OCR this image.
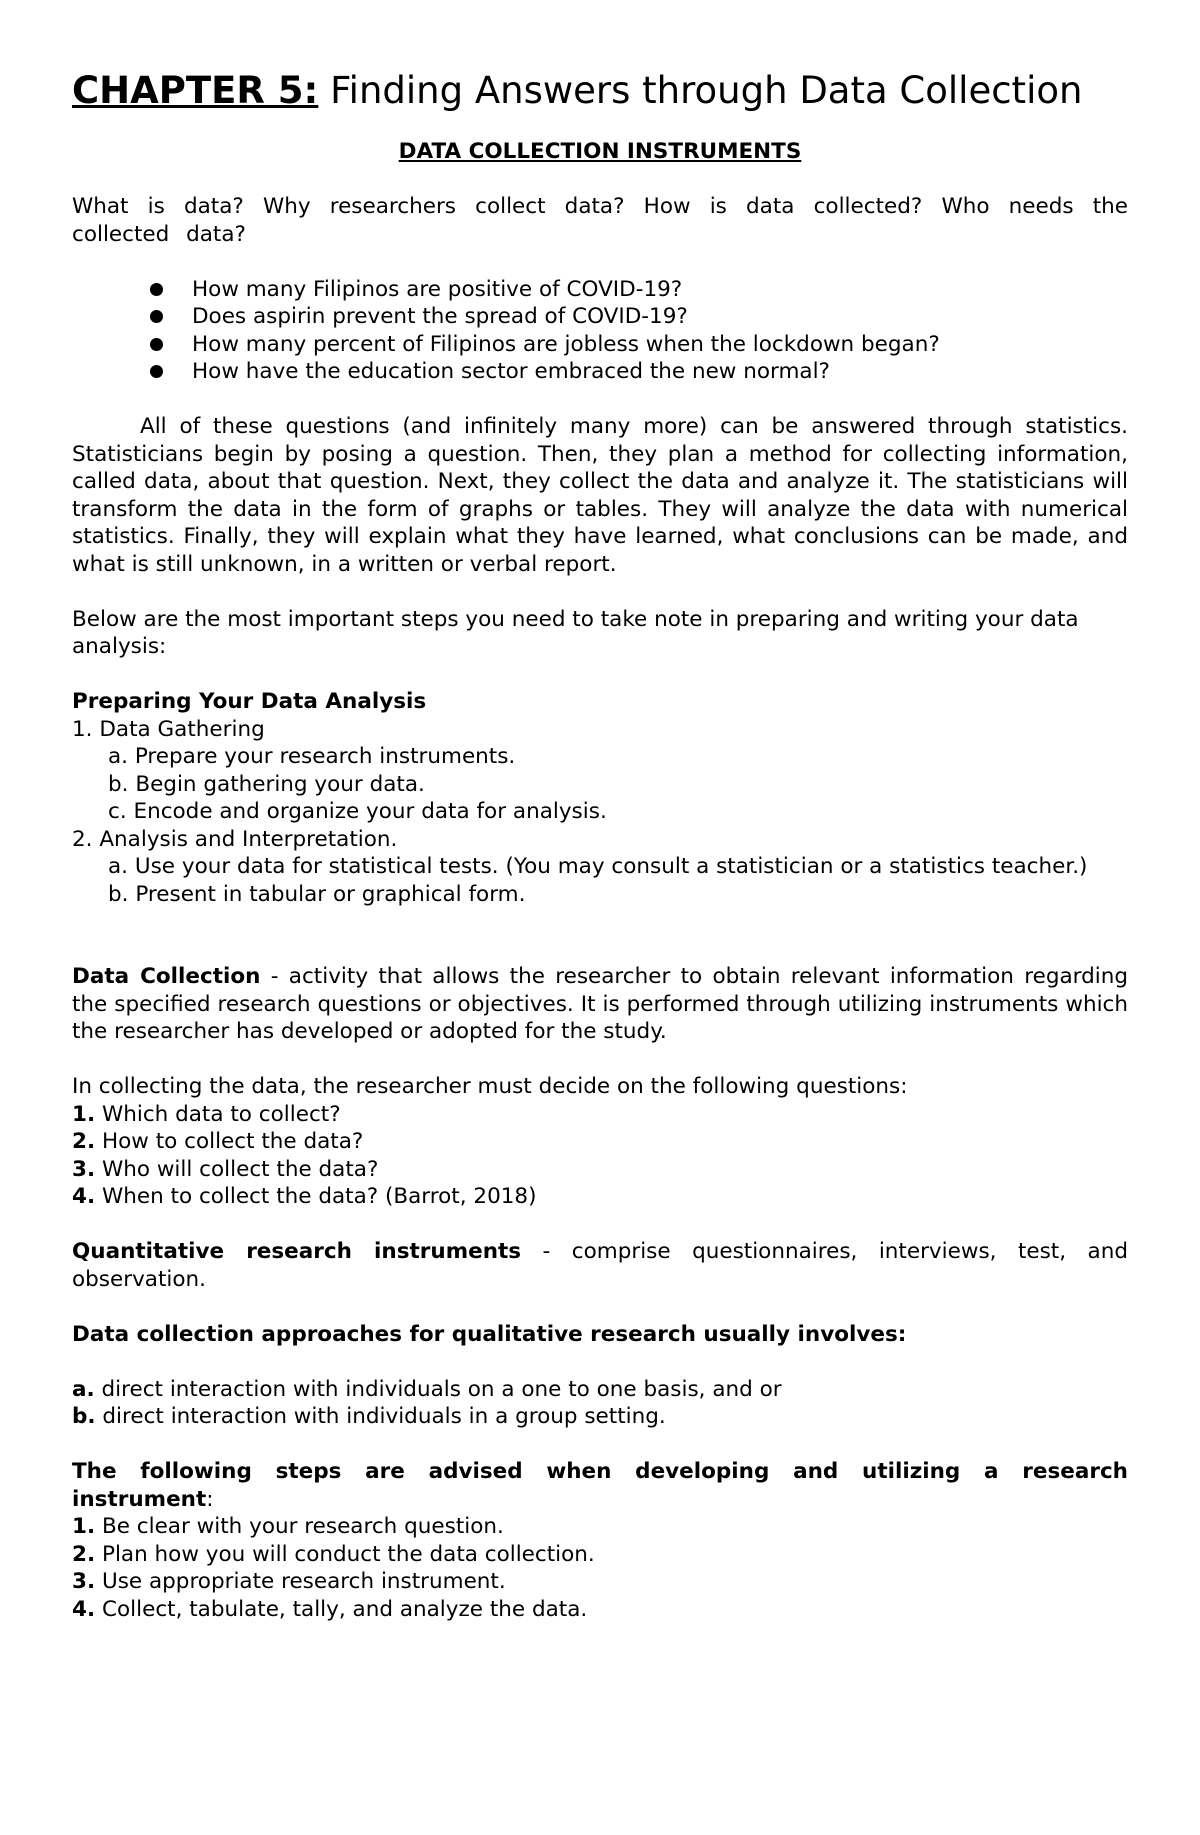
CHAPTER 5: Finding Answers through Data Collection

DATA COLLECTION INSTRUMENTS

What is data? Why researchers collect data? How is data collected? Who needs the collected data?

How many Filipinos are positive of COVID-19?
Does aspirin prevent the spread of COVID-19?
How many percent of Filipinos are jobless when the lockdown began?
How have the education sector embraced the new normal?

All of these questions (and infinitely many more) can be answered through statistics. Statisticians begin by posing a question. Then, they plan a method for collecting information, called data, about that question. Next, they collect the data and analyze it. The statisticians will transform the data in the form of graphs or tables. They will analyze the data with numerical statistics. Finally, they will explain what they have learned, what conclusions can be made, and what is still unknown, in a written or verbal report.

Below are the most important steps you need to take note in preparing and writing your data analysis:

Preparing Your Data Analysis

1. Data Gathering

a. Prepare your research instruments.

b. Begin gathering your data.

c. Encode and organize your data for analysis.

2. Analysis and Interpretation.

a. Use your data for statistical tests. (You may consult a statistician or a statistics teacher.)

b. Present in tabular or graphical form.

Data Collection - activity that allows the researcher to obtain relevant information regarding the specified research questions or objectives. It is performed through utilizing instruments which the researcher has developed or adopted for the study.

In collecting the data, the researcher must decide on the following questions:

1. Which data to collect?

2. How to collect the data?

3. Who will collect the data?

4. When to collect the data? (Barrot, 2018)

Quantitative research instruments - comprise questionnaires, interviews, test, and observation.

Data collection approaches for qualitative research usually involves:

a. direct interaction with individuals on a one to one basis, and or

b. direct interaction with individuals in a group setting.

The following steps are advised when developing and utilizing a research instrument:

1. Be clear with your research question.

2. Plan how you will conduct the data collection.

3. Use appropriate research instrument.

4. Collect, tabulate, tally, and analyze the data.
